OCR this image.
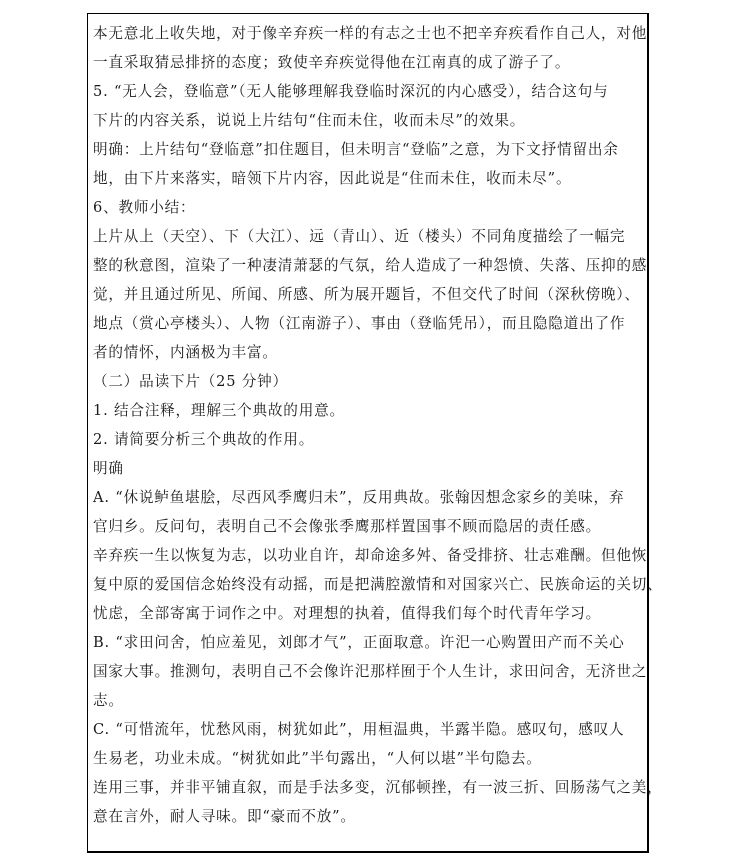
本无意北上收失地，对于像辛弃疾一样的有志之士也不把辛弃疾看作自己人，对他
一直采取猜忌排挤的态度；致使辛弃疾觉得他在江南真的成了游子了。
5. “无人会，登临意”（无人能够理解我登临时深沉的内心感受），结合这句与
下片的内容关系，说说上片结句“住而未住，收而未尽”的效果。
明确：上片结句“登临意”扣住题目，但未明言“登临”之意，为下文抒情留出余
地，由下片来落实，暗领下片内容，因此说是“住而未住，收而未尽”。
6、教师小结：
上片从上（天空）、下（大江）、远（青山）、近（楼头）不同角度描绘了一幅完
整的秋意图，渲染了一种凄清萧瑟的气氛，给人造成了一种怨愤、失落、压抑的感
觉，并且通过所见、所闻、所感、所为展开题旨，不但交代了时间（深秋傍晚）、
地点（赏心亭楼头）、人物（江南游子）、事由（登临凭吊），而且隐隐道出了作
者的情怀，内涵极为丰富。
（二）品读下片（25 分钟）
1. 结合注释，理解三个典故的用意。
2. 请简要分析三个典故的作用。
明确
A. “休说鲈鱼堪脍，尽西风季鹰归未”，反用典故。张翰因想念家乡的美味，弃
官归乡。反问句，表明自己不会像张季鹰那样置国事不顾而隐居的责任感。
辛弃疾一生以恢复为志，以功业自许，却命途多舛、备受排挤、壮志难酬。但他恢
复中原的爱国信念始终没有动摇，而是把满腔激情和对国家兴亡、民族命运的关切、
忧虑，全部寄寓于词作之中。对理想的执着，值得我们每个时代青年学习。
B. “求田问舍，怕应羞见，刘郎才气”，正面取意。许汜一心购置田产而不关心
国家大事。推测句，表明自己不会像许汜那样囿于个人生计，求田问舍，无济世之
志。
C. “可惜流年，忧愁风雨，树犹如此”，用桓温典，半露半隐。感叹句，感叹人
生易老，功业未成。“树犹如此”半句露出，“人何以堪”半句隐去。
连用三事，并非平铺直叙，而是手法多变，沉郁顿挫，有一波三折、回肠荡气之美，
意在言外，耐人寻味。即“豪而不放”。
